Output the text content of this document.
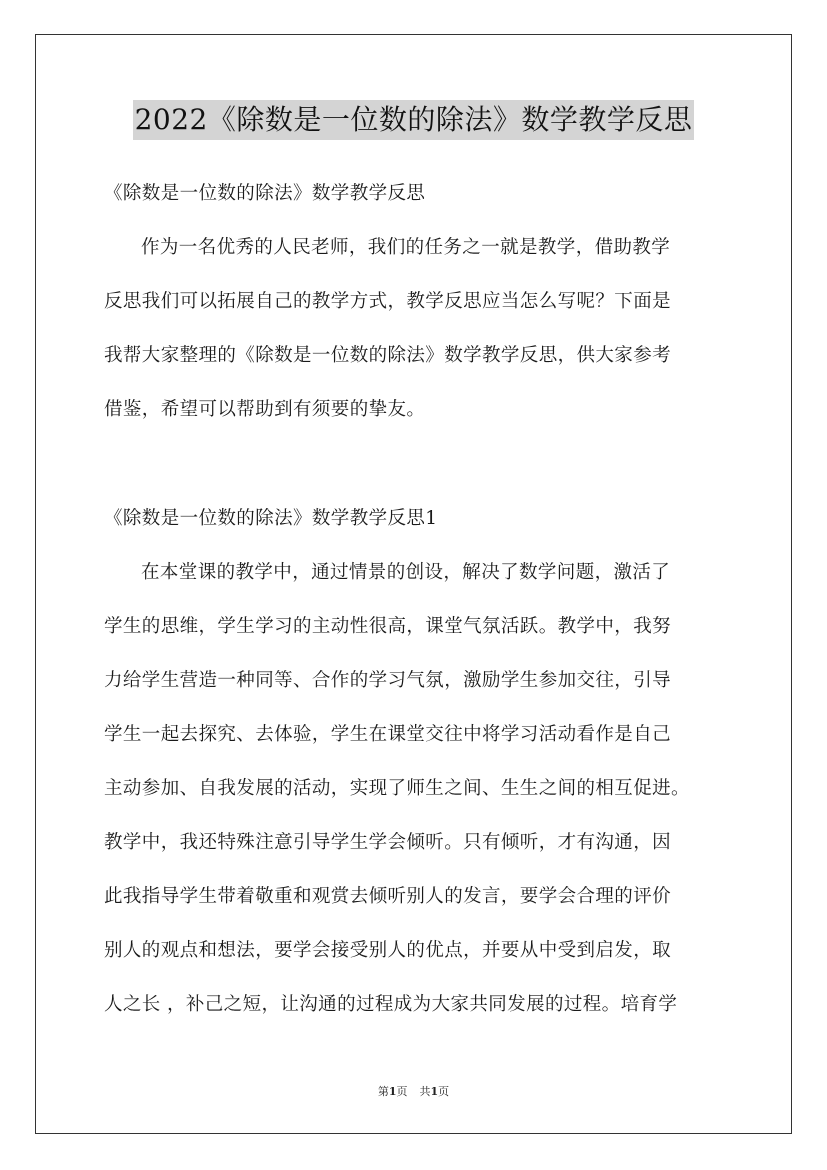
2022《除数是一位数的除法》数学教学反思
《除数是一位数的除法》数学教学反思
作为一名优秀的人民老师，我们的任务之一就是教学，借助教学
反思我们可以拓展自己的教学方式，教学反思应当怎么写呢？下面是
我帮大家整理的《除数是一位数的除法》数学教学反思，供大家参考
借鉴，希望可以帮助到有须要的挚友。
《除数是一位数的除法》数学教学反思1
在本堂课的教学中，通过情景的创设，解决了数学问题，激活了
学生的思维，学生学习的主动性很高，课堂气氛活跃。教学中，我努
力给学生营造一种同等、合作的学习气氛，激励学生参加交往，引导
学生一起去探究、去体验，学生在课堂交往中将学习活动看作是自己
主动参加、自我发展的活动，实现了师生之间、生生之间的相互促进。
教学中，我还特殊注意引导学生学会倾听。只有倾听，才有沟通，因
此我指导学生带着敬重和观赏去倾听别人的发言，要学会合理的评价
别人的观点和想法，要学会接受别人的优点，并要从中受到启发，取
人之长 ，补己之短，让沟通的过程成为大家共同发展的过程。培育学
第1页 共1页
